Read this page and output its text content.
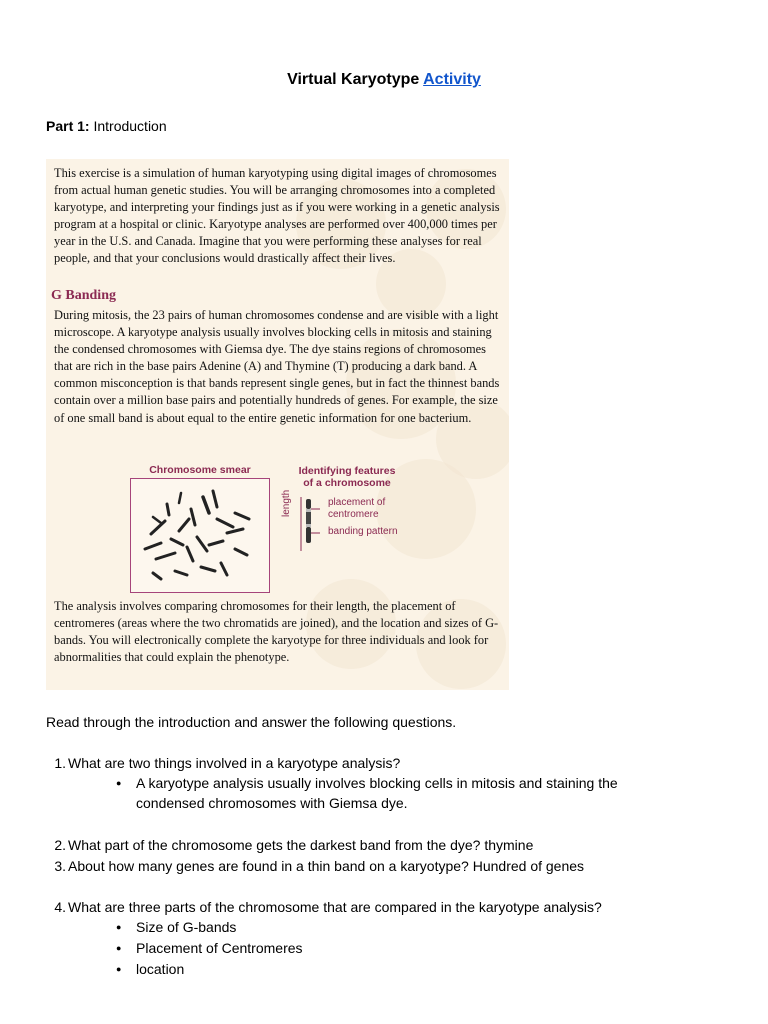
Virtual Karyotype Activity
Part 1: Introduction

This exercise is a simulation of human karyotyping using digital images of chromosomes from actual human genetic studies. You will be arranging chromosomes into a completed karyotype, and interpreting your findings just as if you were working in a genetic analysis program at a hospital or clinic. Karyotype analyses are performed over 400,000 times per year in the U.S. and Canada. Imagine that you were performing these analyses for real people, and that your conclusions would drastically affect their lives.

G Banding

During mitosis, the 23 pairs of human chromosomes condense and are visible with a light microscope. A karyotype analysis usually involves blocking cells in mitosis and staining the condensed chromosomes with Giemsa dye. The dye stains regions of chromosomes that are rich in the base pairs Adenine (A) and Thymine (T) producing a dark band. A common misconception is that bands represent single genes, but in fact the thinnest bands contain over a million base pairs and potentially hundreds of genes. For example, the size of one small band is about equal to the entire genetic information for one bacterium.

Chromosome smear	Identifying features
of a chromosome
length	placement of
centromere
banding pattern

The analysis involves comparing chromosomes for their length, the placement of centromeres (areas where the two chromatids are joined), and the location and sizes of G-bands. You will electronically complete the karyotype for three individuals and look for abnormalities that could explain the phenotype.

Read through the introduction and answer the following questions.
1. What are two things involved in a karyotype analysis?
● A karyotype analysis usually involves blocking cells in mitosis and staining the
condensed chromosomes with Giemsa dye.
2. What part of the chromosome gets the darkest band from the dye? thymine
3. About how many genes are found in a thin band on a karyotype? Hundred of genes
4. What are three parts of the chromosome that are compared in the karyotype analysis?
● Size of G-bands
● Placement of Centromeres
● location
